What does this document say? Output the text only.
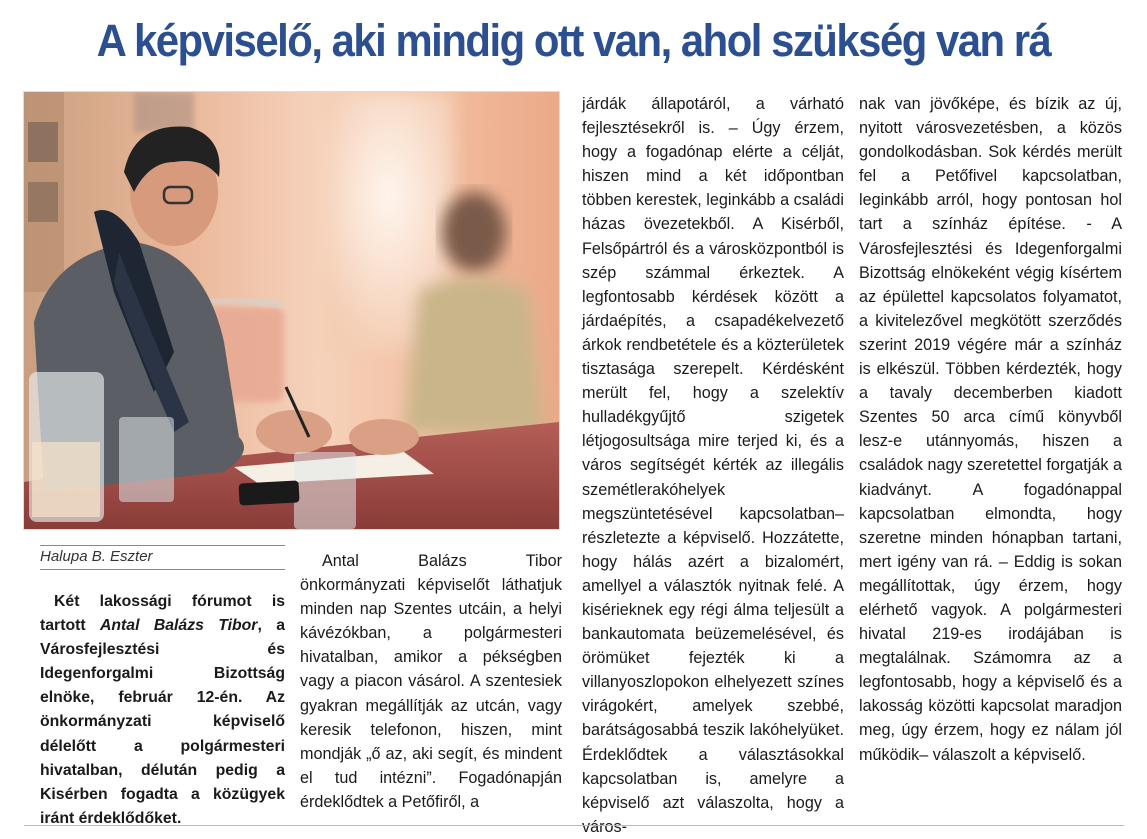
A képviselő, aki mindig ott van, ahol szükség van rá
Halupa B. Eszter

Két lakossági fórumot is tartott Antal Balázs Tibor, a Városfejlesztési és Idegenforgalmi Bizottság elnöke, február 12-én. Az önkormányzati képviselő délelőtt a polgármesteri hivatalban, délután pedig a Kisérben fogadta a közügyek iránt érdeklődőket.

Antal Balázs Tibor önkormányzati képviselőt láthatjuk minden nap Szentes utcáin, a helyi kávézókban, a polgármesteri hivatalban, amikor a pékségben vagy a piacon vásárol. A szentesiek gyakran megállítják az utcán, vagy keresik telefonon, hiszen, mint mondják „ő az, aki segít, és mindent el tud intézni”. Fogadónapján érdeklődtek a Petőfiről, a

járdák állapotáról, a várható fejlesztésekről is. – Úgy érzem, hogy a fogadónap elérte a célját, hiszen mind a két időpontban többen kerestek, leginkább a családi házas övezetekből. A Kisérből, Felsőpártról és a városközpontból is szép számmal érkeztek. A legfontosabb kérdések között a járdaépítés, a csapadékelvezető árkok rendbetétele és a közterületek tisztasága szerepelt. Kérdésként merült fel, hogy a szelektív hulladékgyűjtő szigetek létjogosultsága mire terjed ki, és a város segítségét kérték az illegális szemétlerakóhelyek megszüntetésével kapcsolatban– részletezte a képviselő. Hozzátette, hogy hálás azért a bizalomért, amellyel a választók nyitnak felé. A kisérieknek egy régi álma teljesült a bankautomata beüzemelésével, és örömüket fejezték ki a villanyoszlopokon elhelyezett színes virágokért, amelyek szebbé, barátságosabbá teszik lakóhelyüket. Érdeklődtek a választásokkal kapcsolatban is, amelyre a képviselő azt válaszolta, hogy a város-

nak van jövőképe, és bízik az új, nyitott városvezetésben, a közös gondolkodásban. Sok kérdés merült fel a Petőfivel kapcsolatban, leginkább arról, hogy pontosan hol tart a színház építése. - A Városfejlesztési és Idegenforgalmi Bizottság elnökeként végig kísértem az épülettel kapcsolatos folyamatot, a kivitelezővel megkötött szerződés szerint 2019 végére már a színház is elkészül. Többen kérdezték, hogy a tavaly decemberben kiadott Szentes 50 arca című könyvből lesz-e utánnyomás, hiszen a családok nagy szeretettel forgatják a kiadványt. A fogadónappal kapcsolatban elmondta, hogy szeretne minden hónapban tartani, mert igény van rá. – Eddig is sokan megállítottak, úgy érzem, hogy elérhető vagyok. A polgármesteri hivatal 219-es irodájában is megtalálnak. Számomra az a legfontosabb, hogy a képviselő és a lakosság közötti kapcsolat maradjon meg, úgy érzem, hogy ez nálam jól működik– válaszolt a képviselő.
